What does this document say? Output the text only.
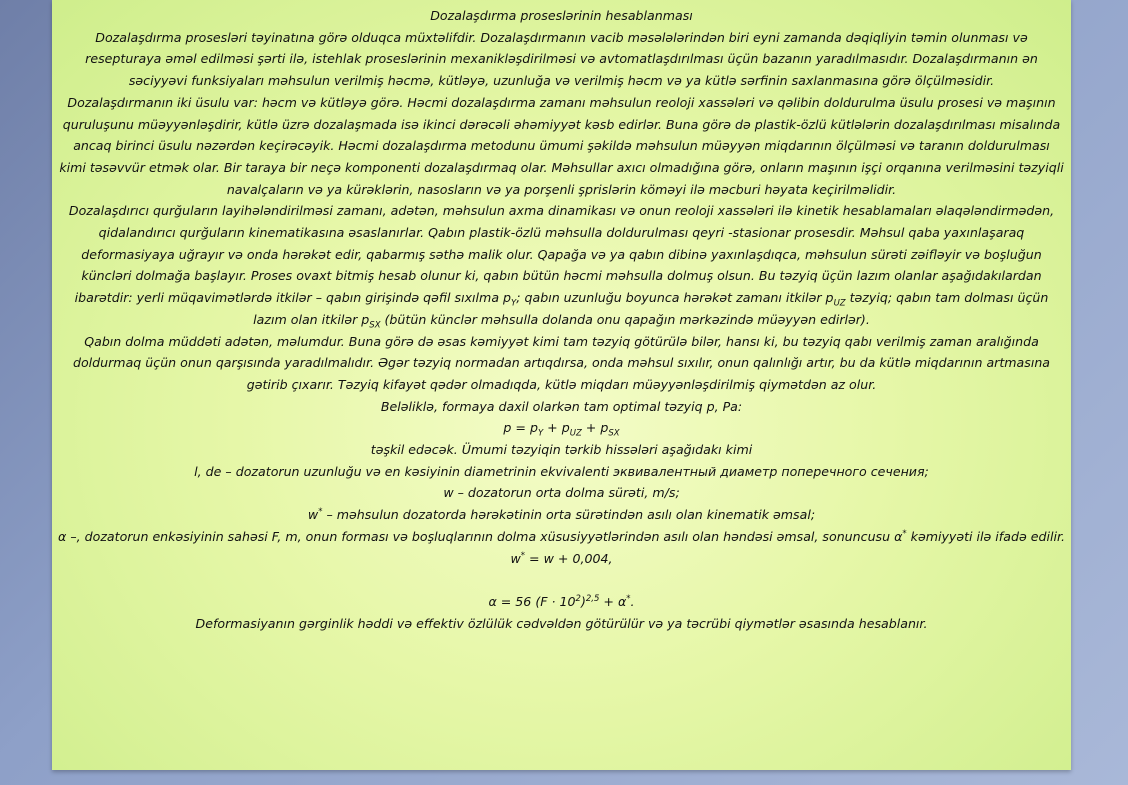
Dozalaşdırma proseslərinin hesablanması

Dozalaşdırma prosesləri təyinatına görə olduqca müxtəlifdir. Dozalaşdırmanın vacib məsələlərindən biri eyni zamanda dəqiqliyin təmin olunması və resepturaya əməl edilməsi şərti ilə, istehlak proseslərinin mexanikləşdirilməsi və avtomatlaşdırılması üçün bazanın yaradılmasıdır. Dozalaşdırmanın ən səciyyəvi funksiyaları məhsulun verilmiş həcmə, kütləyə, uzunluğa və verilmiş həcm və ya kütlə sərfinin saxlanmasına görə ölçülməsidir.

Dozalaşdırmanın iki üsulu var: həcm və kütləyə görə. Həcmi dozalaşdırma zamanı məhsulun reoloji xassələri və qəlibin doldurulma üsulu prosesi və maşının quruluşunu müəyyənləşdirir, kütlə üzrə dozalaşmada isə ikinci dərəcəli əhəmiyyət kəsb edirlər. Buna görə də plastik-özlü kütlələrin dozalaşdırılması misalında ancaq birinci üsulu nəzərdən keçirəcəyik. Həcmi dozalaşdırma metodunu ümumi şəkildə məhsulun müəyyən miqdarının ölçülməsi və taranın doldurulması kimi təsəvvür etmək olar. Bir taraya bir neçə komponenti dozalaşdırmaq olar. Məhsullar axıcı olmadığına görə, onların maşının işçi orqanına verilməsini təzyiqli navalçaların və ya kürəklərin, nasosların və ya porşenli şprislərin köməyi ilə məcburi həyata keçirilməlidir.

Dozalaşdırıcı qurğuların layihələndirilməsi zamanı, adətən, məhsulun axma dinamikası və onun reoloji xassələri ilə kinetik hesablamaları əlaqələndirmədən, qidalandırıcı qurğuların kinematikasına əsaslanırlar. Qabın plastik-özlü məhsulla doldurulması qeyri -stasionar prosesdir. Məhsul qaba yaxınlaşaraq deformasiyaya uğrayır və onda hərəkət edir, qabarmış səthə malik olur. Qapağa və ya qabın dibinə yaxınlaşdıqca, məhsulun sürəti zəifləyir və boşluğun küncləri dolmağa başlayır. Proses ovaxt bitmiş hesab olunur ki, qabın bütün həcmi məhsulla dolmuş olsun. Bu təzyiq üçün lazım olanlar aşağıdakılardan ibarətdir: yerli müqavimətlərdə itkilər – qabın girişində qəfil sıxılma $p_Y$; qabın uzunluğu boyunca hərəkət zamanı itkilər $p_{UZ}$ təzyiq; qabın tam dolması üçün lazım olan itkilər $p_{SX}$ (bütün künclər məhsulla dolanda onu qapağın mərkəzində müəyyən edirlər).

Qabın dolma müddəti adətən, məlumdur. Buna görə də əsas kəmiyyət kimi tam təzyiq götürülə bilər, hansı ki, bu təzyiq qabı verilmiş zaman aralığında doldurmaq üçün onun qarşısında yaradılmalıdır. Əgər təzyiq normadan artıqdırsa, onda məhsul sıxılır, onun qalınlığı artır, bu da kütlə miqdarının artmasına gətirib çıxarır. Təzyiq kifayət qədər olmadıqda, kütlə miqdarı müəyyənləşdirilmiş qiymətdən az olur.

Beləliklə, formaya daxil olarkən tam optimal təzyiq p, Pa:

$p = p_Y + p_{UZ} + p_{SX}$

təşkil edəcək. Ümumi təzyiqin tərkib hissələri aşağıdakı kimi

l, de – dozatorun uzunluğu və en kəsiyinin diametrinin ekvivalenti эквивалентный диаметр поперечного сечения;

w – dozatorun orta dolma sürəti, m/s;

w* – məhsulun dozatorda hərəkətinin orta sürətindən asılı olan kinematik əmsal;

α –, dozatorun enkəsiyinin sahəsi F, m, onun forması və boşluqlarının dolma xüsusiyyətlərindən asılı olan həndəsi əmsal, sonuncusu α* kəmiyyəti ilə ifadə edilir.

w* = w + 0,004,

α = 56 $(F \cdot 10^2)^{2,5} + \alpha^*$.

Deformasiyanın gərginlik həddi və effektiv özlülük cədvəldən götürülür və ya təcrübi qiymətlər əsasında hesablanır.
